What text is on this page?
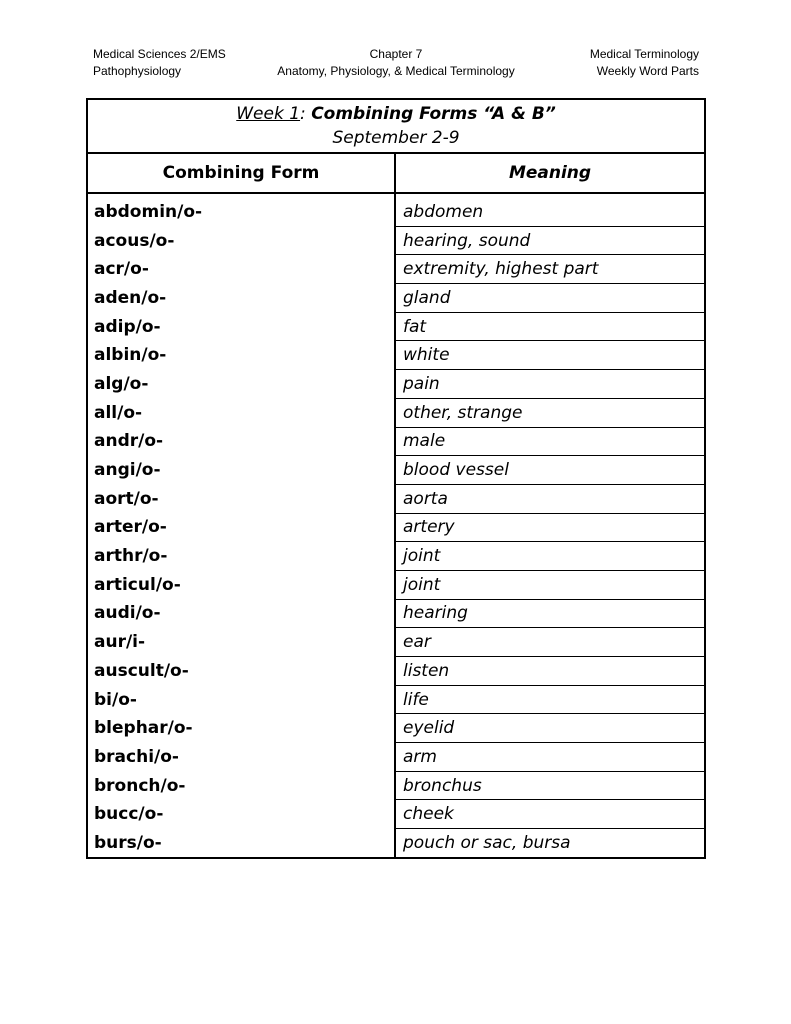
Medical Sciences 2/EMS
Pathophysiology
Chapter 7
Anatomy, Physiology, & Medical Terminology
Medical Terminology
Weekly Word Parts
Week 1: Combining Forms “A & B”
September 2-9	

Combining Form	Meaning
abdomin/o-	abdomen
acous/o-	hearing, sound
acr/o-	extremity, highest part
aden/o-	gland
adip/o-	fat
albin/o-	white
alg/o-	pain
all/o-	other, strange
andr/o-	male
angi/o-	blood vessel
aort/o-	aorta
arter/o-	artery
arthr/o-	joint
articul/o-	joint
audi/o-	hearing
aur/i-	ear
auscult/o-	listen
bi/o-	life
blephar/o-	eyelid
brachi/o-	arm
bronch/o-	bronchus
bucc/o-	cheek
burs/o-	pouch or sac, bursa
